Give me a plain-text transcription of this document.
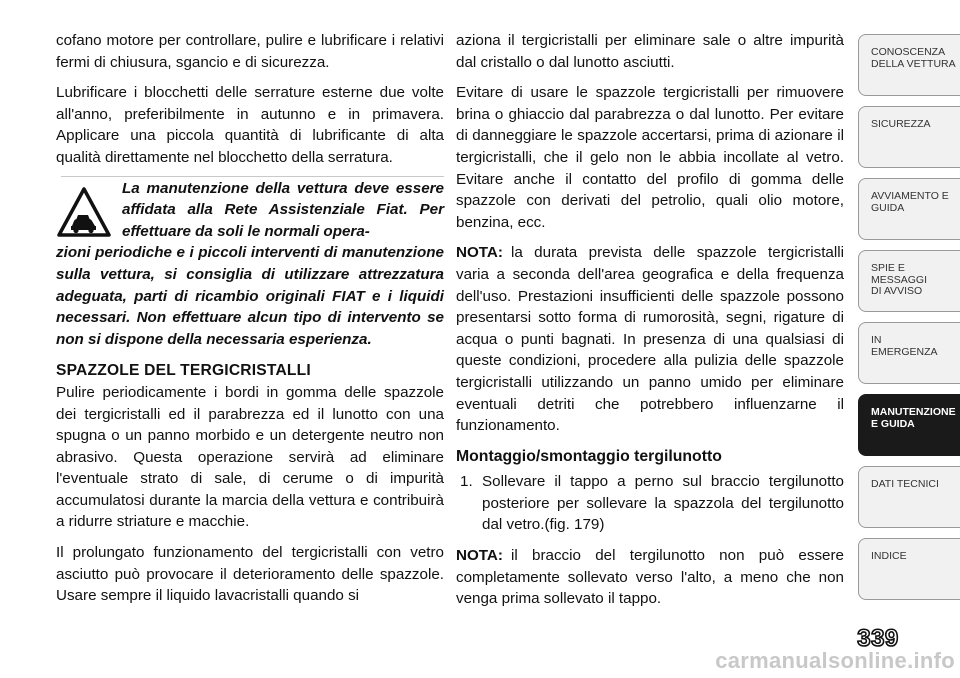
cofano motore per controllare, pulire e lubrificare i relativi fermi di chiusura, sgancio e di sicurezza.

Lubrificare i blocchetti delle serrature esterne due volte all'anno, preferibilmente in autunno e in primavera. Applicare una piccola quantità di lubrificante di alta qualità direttamente nel blocchetto della serratura.

La manutenzione della vettura deve essere affidata alla Rete Assistenziale Fiat. Per effettuare da soli le normali opera-
zioni periodiche e i piccoli interventi di manutenzione sulla vettura, si consiglia di utilizzare attrezzatura adeguata, parti di ricambio originali FIAT e i liquidi necessari. Non effettuare alcun tipo di intervento se non si dispone della necessaria esperienza.
SPAZZOLE DEL TERGICRISTALLI

Pulire periodicamente i bordi in gomma delle spazzole dei tergicristalli ed il parabrezza ed il lunotto con una spugna o un panno morbido e un detergente neutro non abrasivo. Questa operazione servirà ad eliminare l'eventuale strato di sale, di cerume o di impurità accumulatosi durante la marcia della vettura e contribuirà a ridurre striature e macchie.

Il prolungato funzionamento del tergicristalli con vetro asciutto può provocare il deterioramento delle spazzole. Usare sempre il liquido lavacristalli quando si

aziona il tergicristalli per eliminare sale o altre impurità dal cristallo o dal lunotto asciutti.

Evitare di usare le spazzole tergicristalli per rimuovere brina o ghiaccio dal parabrezza o dal lunotto. Per evitare di danneggiare le spazzole accertarsi, prima di azionare il tergicristalli, che il gelo non le abbia incollate al vetro. Evitare anche il contatto del profilo di gomma delle spazzole con derivati del petrolio, quali olio motore, benzina, ecc.

NOTA: la durata prevista delle spazzole tergicristalli varia a seconda dell'area geografica e della frequenza dell'uso. Prestazioni insufficienti delle spazzole possono presentarsi sotto forma di rumorosità, segni, rigature di acqua o punti bagnati. In presenza di una qualsiasi di queste condizioni, procedere alla pulizia delle spazzole tergicristalli utilizzando un panno umido per eliminare eventuali detriti che potrebbero influenzarne il funzionamento.

Montaggio/smontaggio tergilunotto
1. Sollevare il tappo a perno sul braccio tergilunotto posteriore per sollevare la spazzola del tergilunotto dal vetro.(fig. 179)

NOTA: il braccio del tergilunotto non può essere completamente sollevato verso l'alto, a meno che non venga prima sollevato il tappo.

CONOSCENZA
DELLA VETTURA
SICUREZZA
AVVIAMENTO E
GUIDA
SPIE E
MESSAGGI
DI AVVISO
IN
EMERGENZA
MANUTENZIONE
E GUIDA
DATI TECNICI
INDICE
339
carmanualsonline.info
